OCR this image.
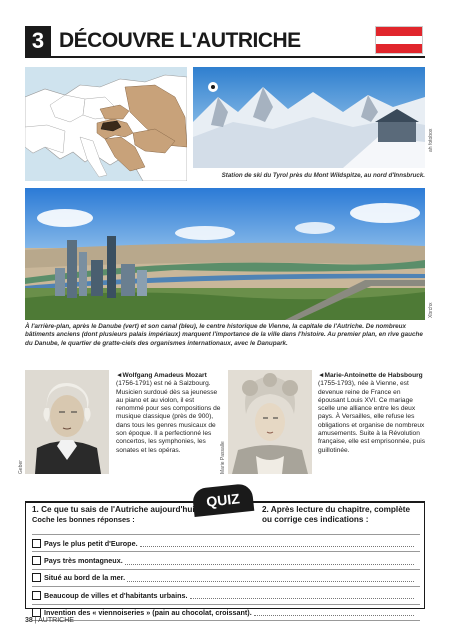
3 DÉCOUVRE L'AUTRICHE
Station de ski du Tyrol près du Mont Wildspitze, au nord d'Innsbruck.
ah fotobox
Xbrchx
À l'arrière-plan, après le Danube (vert) et son canal (bleu), le centre historique de Vienne, la capitale de l'Autriche. De nombreux bâtiments anciens (dont plusieurs palais impériaux) marquent l'importance de la ville dans l'histoire. Au premier plan, en rive gauche du Danube, le quartier de gratte-ciels des organismes internationaux, avec le Danupark.
Geber
◄Wolfgang Amadeus Mozart
(1756-1791) est né à Salzbourg. Musicien surdoué dès sa jeunesse au piano et au violon, il est renommé pour ses compositions de musique classique (près de 900), dans tous les genres musicaux de son époque. Il a perfectionné les concertos, les symphonies, les sonates et les opéras.	Marie Passalle
◄Marie-Antoinette de Habsbourg
(1755-1793), née à Vienne, est devenue reine de France en épousant Louis XVI. Ce mariage scelle une alliance entre les deux pays. À Versailles, elle refuse les obligations et organise de nombreux amusements. Suite à la Révolution française, elle est emprisonnée, puis guillotinée.
QUIZ
1. Ce que tu sais de l'Autriche aujourd'hui.
Coche les bonnes réponses :
2. Après lecture du chapitre, complète ou corrige ces indications :
Pays le plus petit d'Europe.
Pays très montagneux.
Situé au bord de la mer.
Beaucoup de villes et d'habitants urbains.
Invention des « viennoiseries » (pain au chocolat, croissant).
38 | AUTRICHE
